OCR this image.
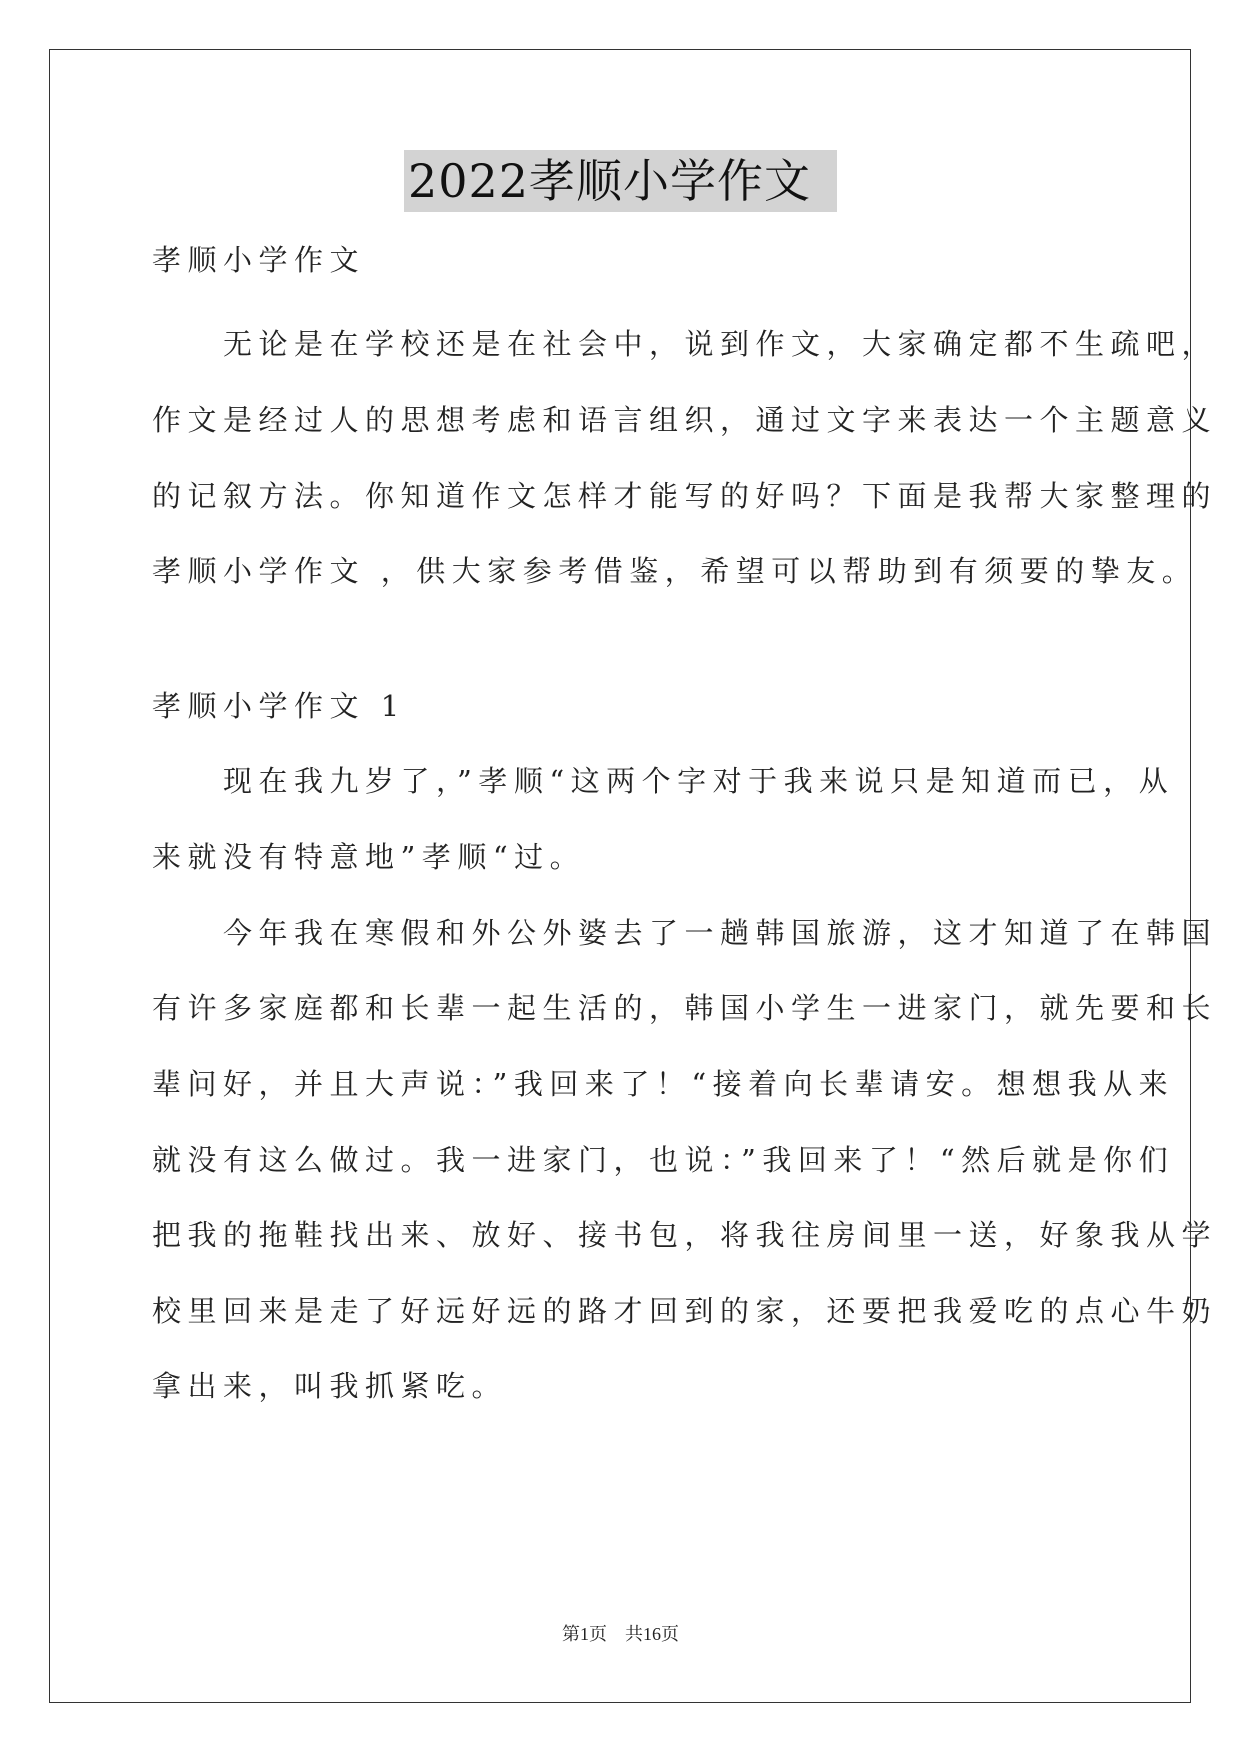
2022孝顺小学作文
孝顺小学作文
　　无论是在学校还是在社会中，说到作文，大家确定都不生疏吧，
作文是经过人的思想考虑和语言组织，通过文字来表达一个主题意义
的记叙方法。你知道作文怎样才能写的好吗？下面是我帮大家整理的
孝顺小学作文 ，供大家参考借鉴，希望可以帮助到有须要的挚友。
孝顺小学作文 1
　　现在我九岁了，”孝顺“这两个字对于我来说只是知道而已，从
来就没有特意地”孝顺“过。
　　今年我在寒假和外公外婆去了一趟韩国旅游，这才知道了在韩国
有许多家庭都和长辈一起生活的，韩国小学生一进家门，就先要和长
辈问好，并且大声说：”我回来了！“接着向长辈请安。想想我从来
就没有这么做过。我一进家门，也说：”我回来了！“然后就是你们
把我的拖鞋找出来、放好、接书包，将我往房间里一送，好象我从学
校里回来是走了好远好远的路才回到的家，还要把我爱吃的点心牛奶
拿出来，叫我抓紧吃。
第1页　共16页
